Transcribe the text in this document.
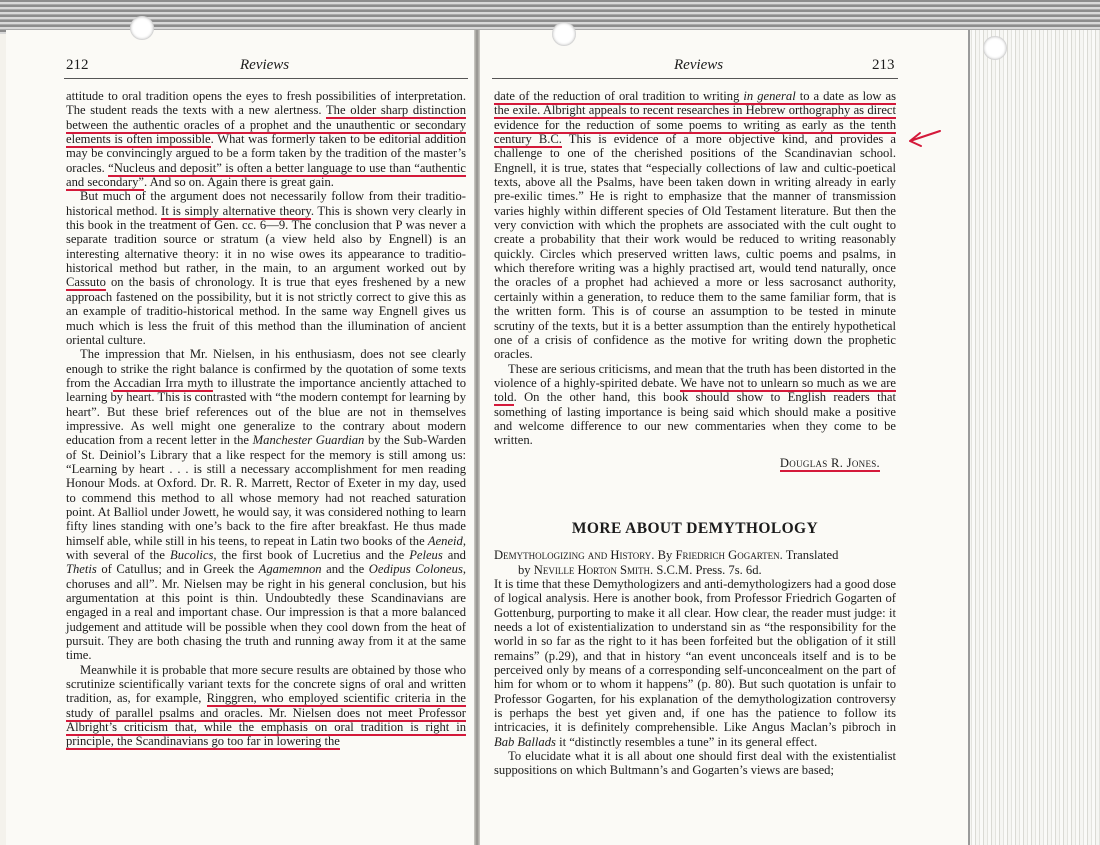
212	Reviews	Reviews	213

attitude to oral tradition opens the eyes to fresh possibilities of interpretation. The student reads the texts with a new alertness. The older sharp distinction between the authentic oracles of a prophet and the unauthentic or secondary elements is often impossible. What was formerly taken to be editorial addition may be convincingly argued to be a form taken by the tradition of the master’s oracles. “Nucleus and deposit” is often a better language to use than “authentic and secondary”. And so on. Again there is great gain.

But much of the argument does not necessarily follow from their traditio-historical method. It is simply alternative theory. This is shown very clearly in this book in the treatment of Gen. cc. 6—9. The conclusion that P was never a separate tradition source or stratum (a view held also by Engnell) is an interesting alternative theory: it in no wise owes its appearance to traditio-historical method but rather, in the main, to an argument worked out by Cassuto on the basis of chronology. It is true that eyes freshened by a new approach fastened on the possibility, but it is not strictly correct to give this as an example of traditio-historical method. In the same way Engnell gives us much which is less the fruit of this method than the illumination of ancient oriental culture.

The impression that Mr. Nielsen, in his enthusiasm, does not see clearly enough to strike the right balance is confirmed by the quotation of some texts from the Accadian Irra myth to illustrate the importance anciently attached to learning by heart. This is contrasted with “the modern contempt for learning by heart”. But these brief references out of the blue are not in themselves impressive. As well might one generalize to the contrary about modern education from a recent letter in the Manchester Guardian by the Sub-Warden of St. Deiniol’s Library that a like respect for the memory is still among us: “Learning by heart . . . is still a necessary accomplishment for men reading Honour Mods. at Oxford. Dr. R. R. Marrett, Rector of Exeter in my day, used to commend this method to all whose memory had not reached saturation point. At Balliol under Jowett, he would say, it was considered nothing to learn fifty lines standing with one’s back to the fire after breakfast. He thus made himself able, while still in his teens, to repeat in Latin two books of the Aeneid, with several of the Bucolics, the first book of Lucretius and the Peleus and Thetis of Catullus; and in Greek the Agamemnon and the Oedipus Coloneus, choruses and all”. Mr. Nielsen may be right in his general conclusion, but his argumentation at this point is thin. Undoubtedly these Scandinavians are engaged in a real and important chase. Our impression is that a more balanced judgement and attitude will be possible when they cool down from the heat of pursuit. They are both chasing the truth and running away from it at the same time.

Meanwhile it is probable that more secure results are obtained by those who scrutinize scientifically variant texts for the concrete signs of oral and written tradition, as, for example, Ringgren, who employed scientific criteria in the study of parallel psalms and oracles. Mr. Nielsen does not meet Professor Albright’s criticism that, while the emphasis on oral tradition is right in principle, the Scandinavians go too far in lowering the

date of the reduction of oral tradition to writing in general to a date as low as the exile. Albright appeals to recent researches in Hebrew orthography as direct evidence for the reduction of some poems to writing as early as the tenth century B.C. This is evidence of a more objective kind, and provides a challenge to one of the cherished positions of the Scandinavian school. Engnell, it is true, states that “especially collections of law and cultic-poetical texts, above all the Psalms, have been taken down in writing already in early pre-exilic times.” He is right to emphasize that the manner of transmission varies highly within different species of Old Testament literature. But then the very conviction with which the prophets are associated with the cult ought to create a probability that their work would be reduced to writing reasonably quickly. Circles which preserved written laws, cultic poems and psalms, in which therefore writing was a highly practised art, would tend naturally, once the oracles of a prophet had achieved a more or less sacrosanct authority, certainly within a generation, to reduce them to the same familiar form, that is the written form. This is of course an assumption to be tested in minute scrutiny of the texts, but it is a better assumption than the entirely hypothetical one of a crisis of confidence as the motive for writing down the prophetic oracles.

These are serious criticisms, and mean that the truth has been distorted in the violence of a highly-spirited debate. We have not to unlearn so much as we are told. On the other hand, this book should show to English readers that something of lasting importance is being said which should make a positive and welcome difference to our new commentaries when they come to be written.

Douglas R. Jones.
MORE ABOUT DEMYTHOLOGY
Demythologizing and History. By Friedrich Gogarten. Translated
by Neville Horton Smith. S.C.M. Press. 7s. 6d.

It is time that these Demythologizers and anti-demythologizers had a good dose of logical analysis. Here is another book, from Professor Friedrich Gogarten of Gottenburg, purporting to make it all clear. How clear, the reader must judge: it needs a lot of existentialization to understand sin as “the responsibility for the world in so far as the right to it has been forfeited but the obligation of it still remains” (p.29), and that in history “an event unconceals itself and is to be perceived only by means of a corresponding self-unconcealment on the part of him for whom or to whom it happens” (p. 80). But such quotation is unfair to Professor Gogarten, for his explanation of the demythologization controversy is perhaps the best yet given and, if one has the patience to follow its intricacies, it is definitely comprehensible. Like Angus Maclan’s pibroch in Bab Ballads it “distinctly resembles a tune” in its general effect.

To elucidate what it is all about one should first deal with the existentialist suppositions on which Bultmann’s and Gogarten’s views are based;
